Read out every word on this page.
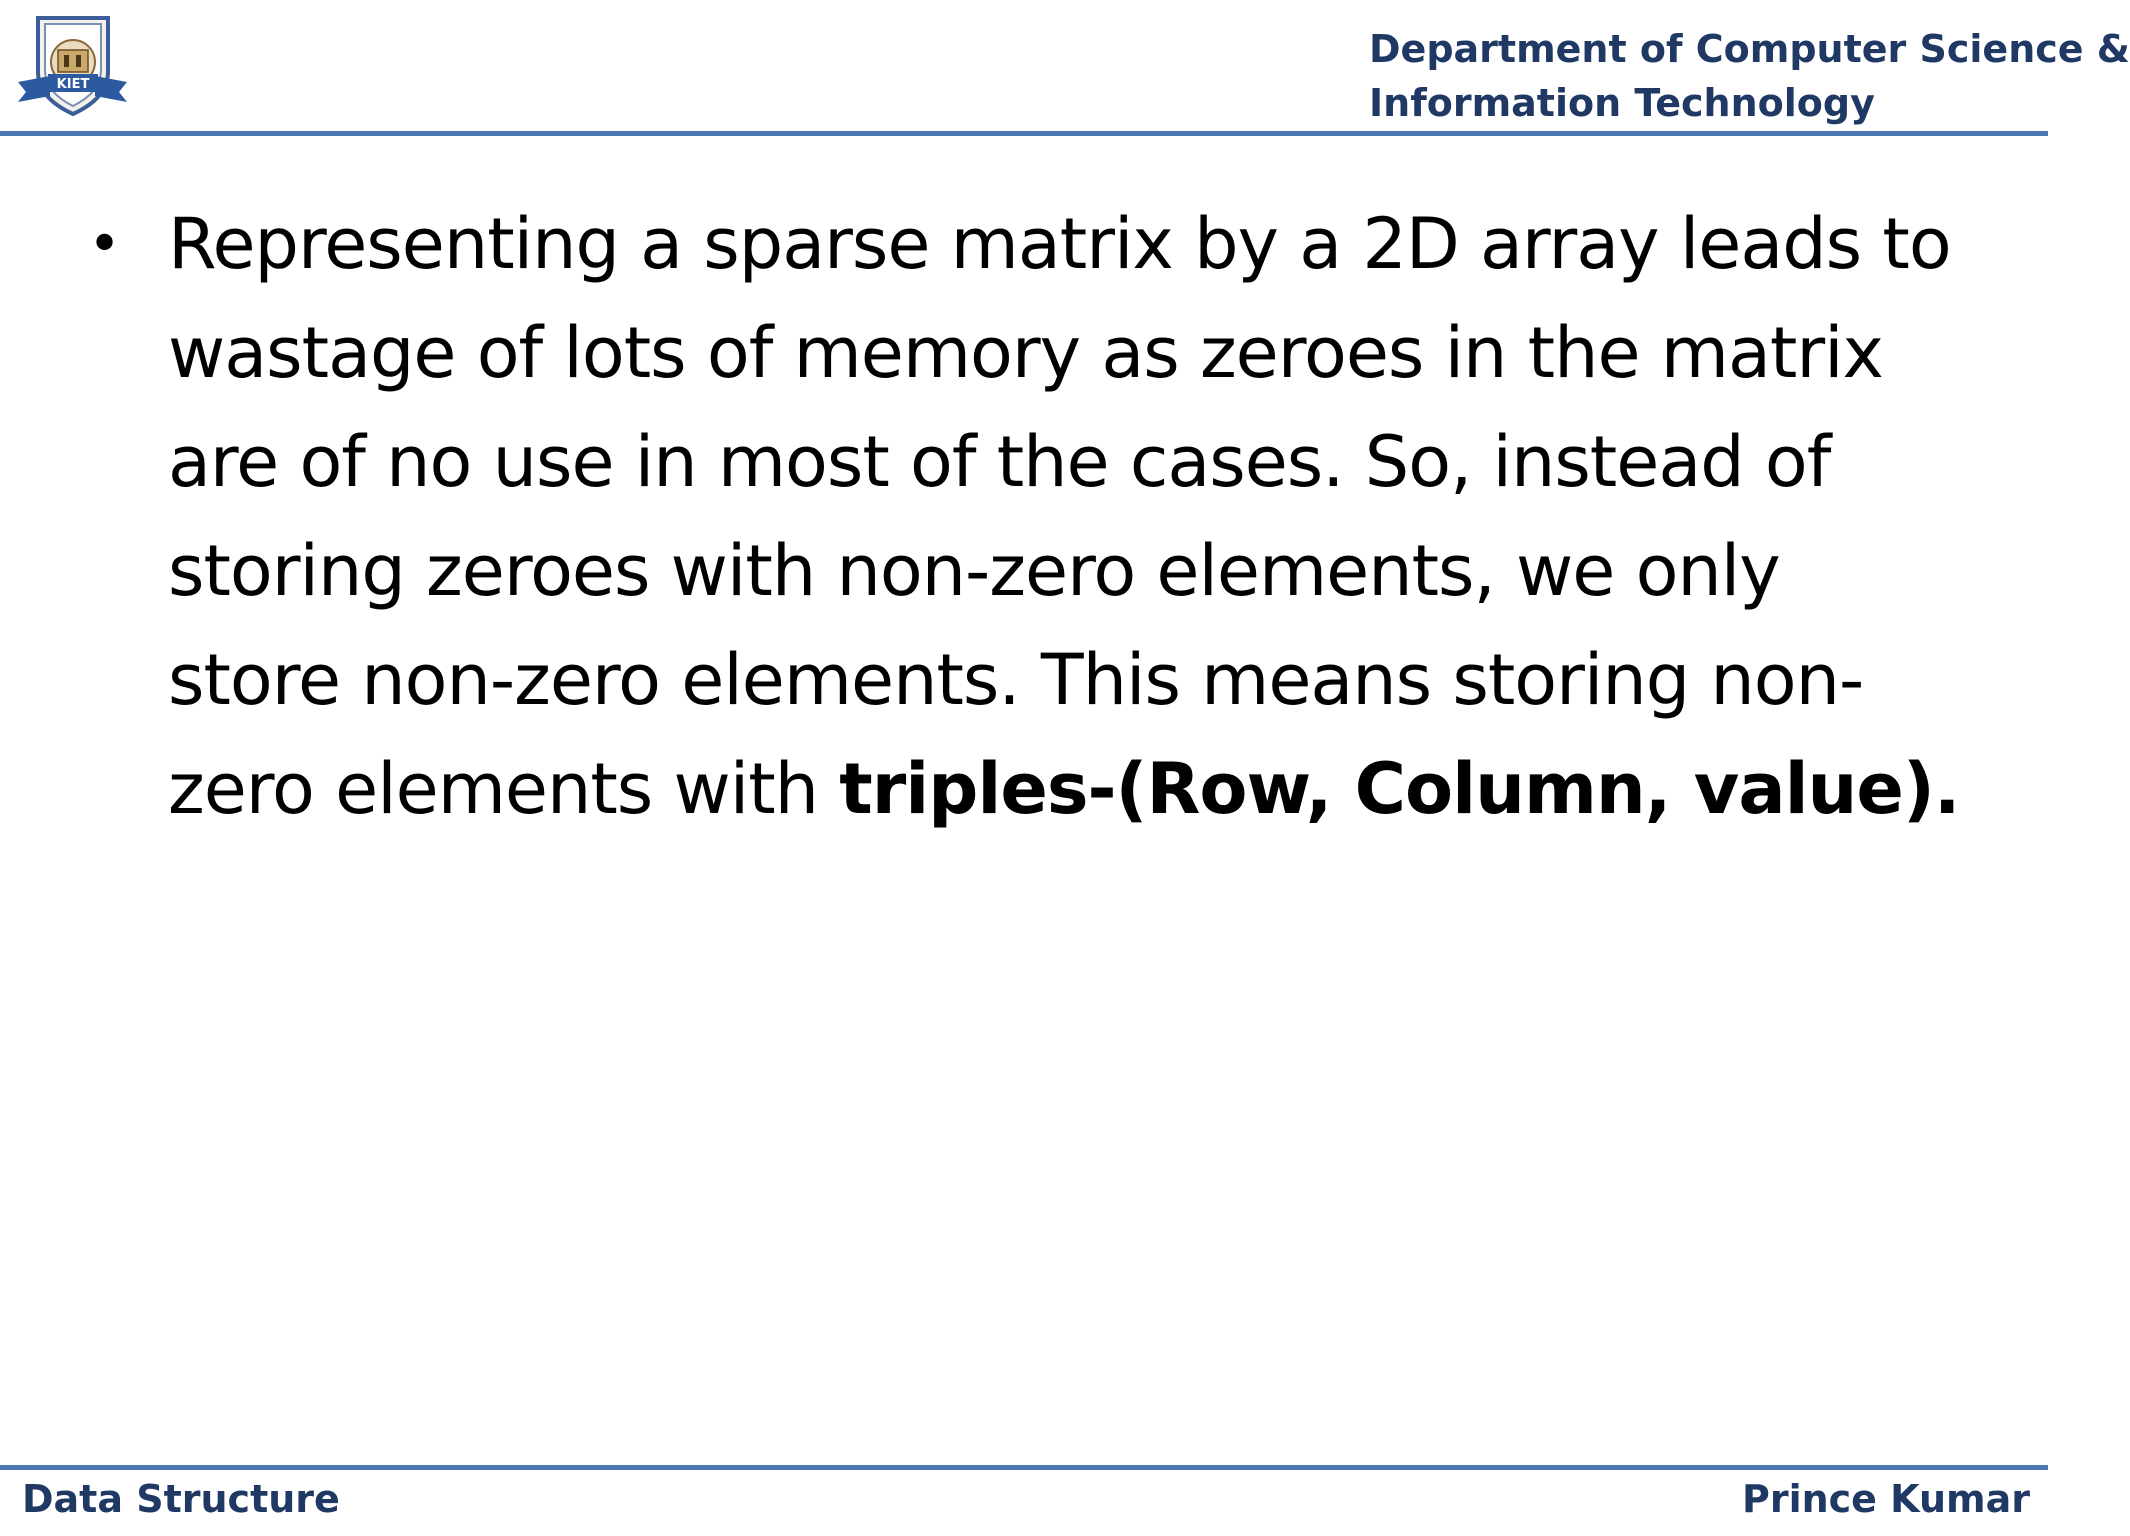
KIET
Department of Computer Science &
Information Technology
• Representing a sparse matrix by a 2D array leads to wastage of lots of memory as zeroes in the matrix are of no use in most of the cases. So, instead of storing zeroes with non-zero elements, we only store non-zero elements. This means storing non-zero elements with triples-(Row, Column, value).
Data Structure	Prince Kumar
